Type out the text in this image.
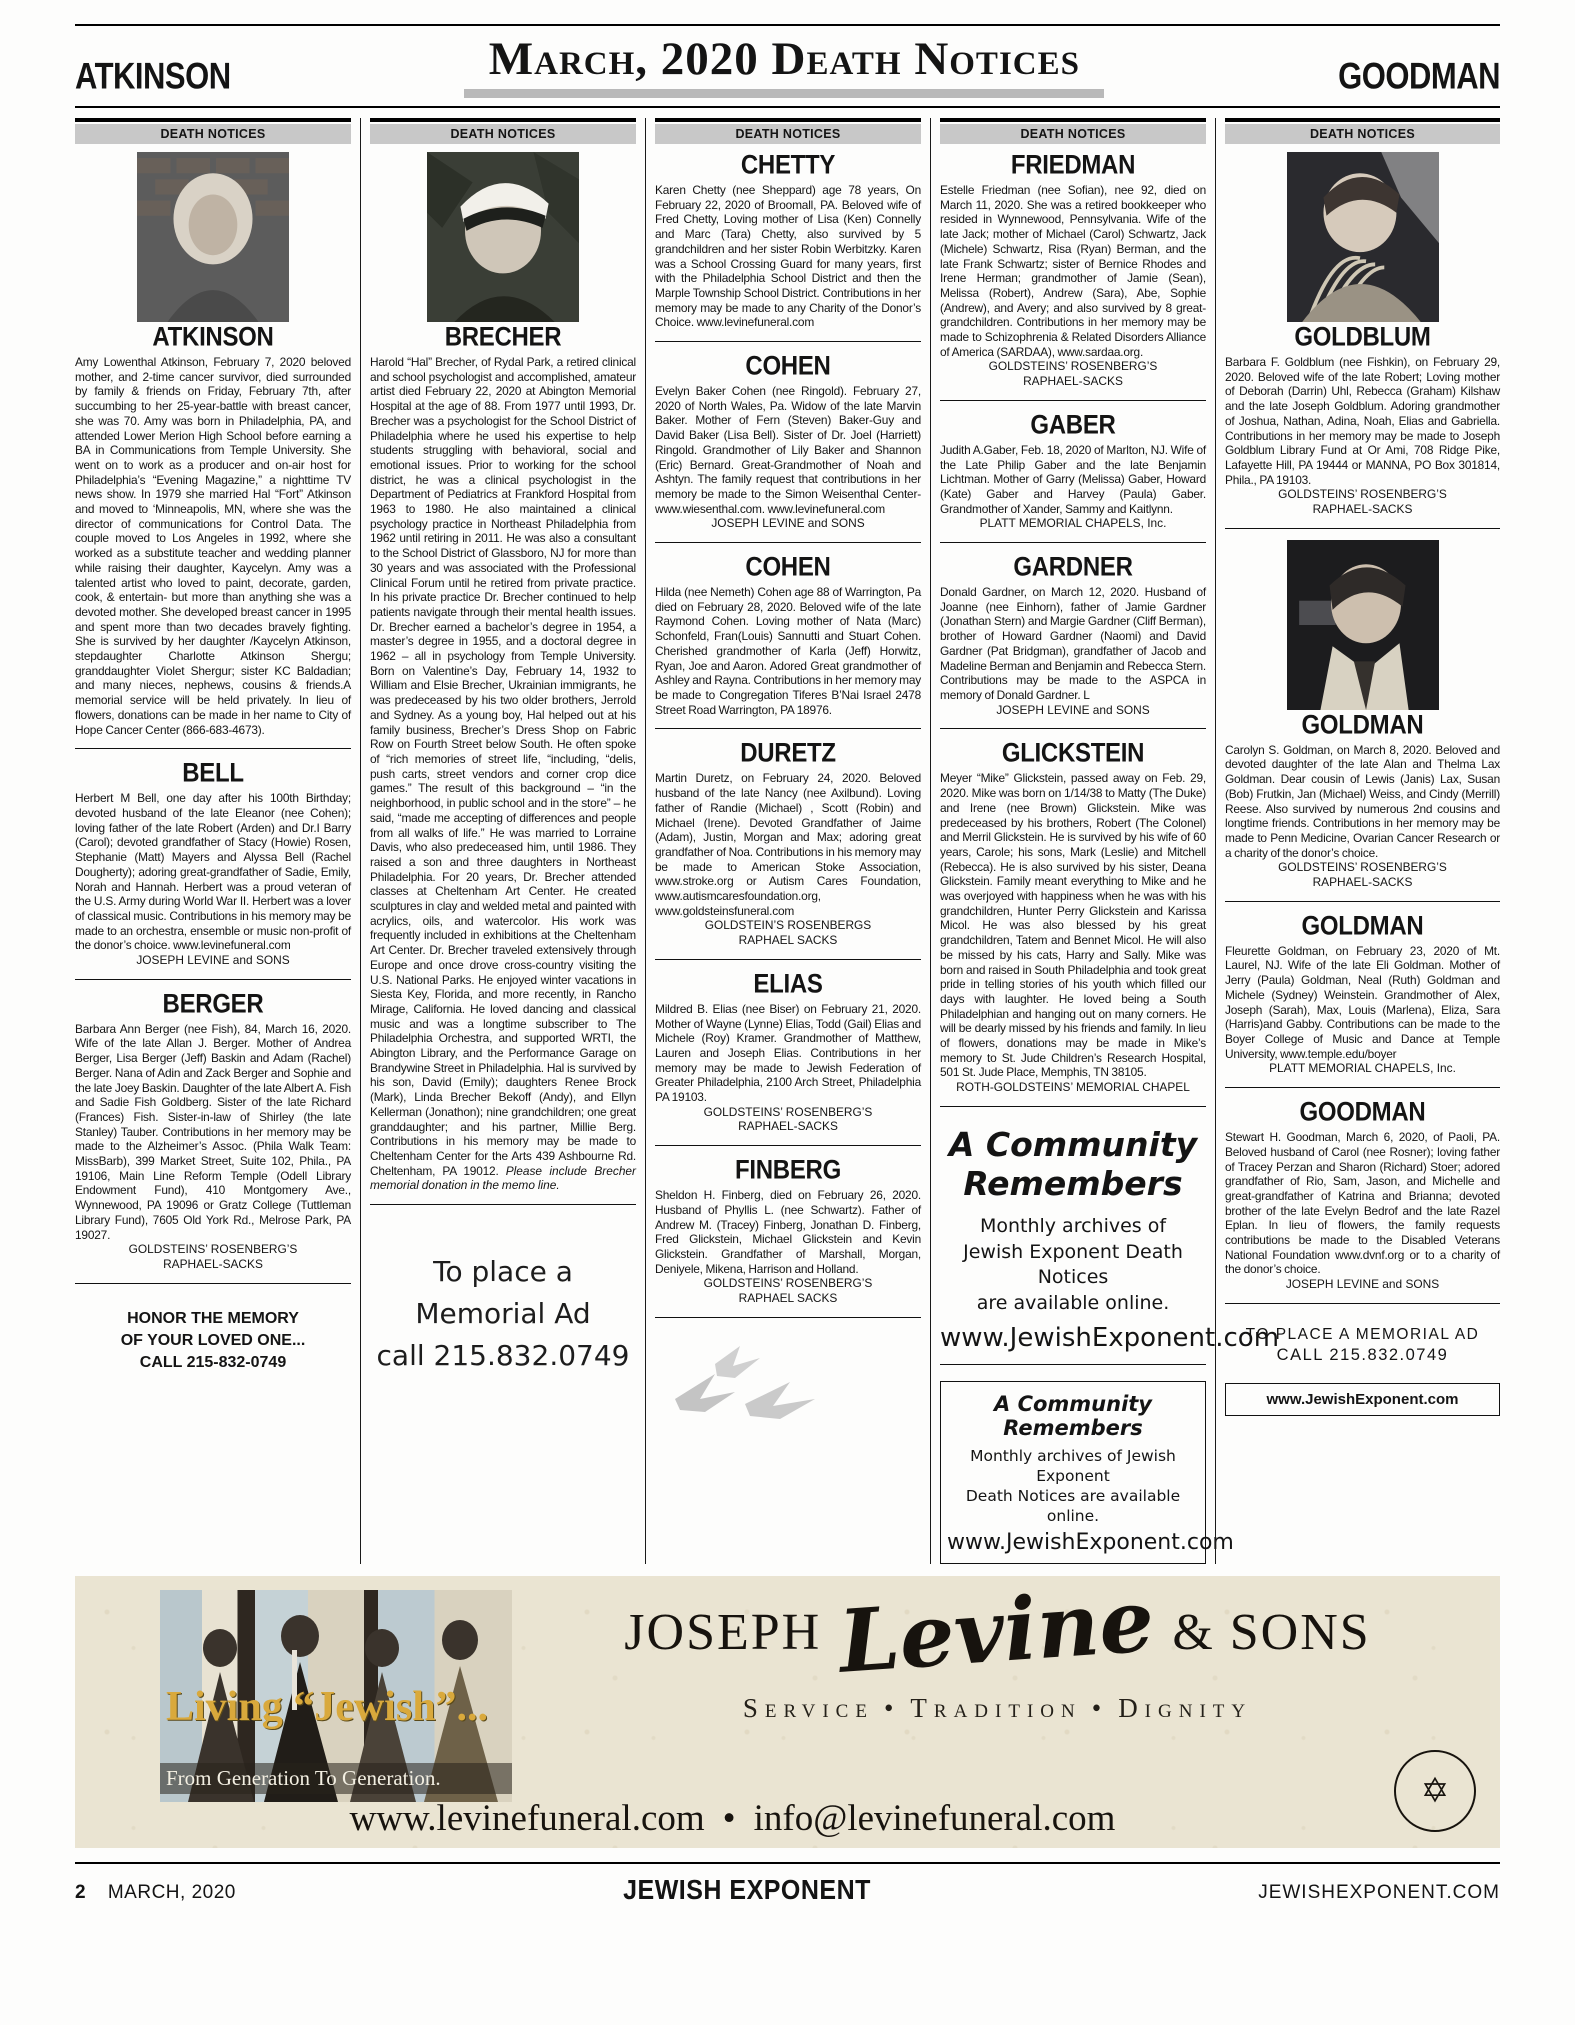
ATKINSON	March, 2020 Death Notices	GOODMAN
DEATH NOTICES
ATKINSON

Amy Lowenthal Atkinson, February 7, 2020 beloved mother, and 2-time cancer survivor, died surrounded by family & friends on Friday, February 7th, after succumbing to her 25-year-battle with breast cancer, she was 70. Amy was born in Philadelphia, PA, and attended Lower Merion High School before earning a BA in Communications from Temple University. She went on to work as a producer and on-air host for Philadelphia’s “Evening Magazine,” a nighttime TV news show. In 1979 she married Hal “Fort” Atkinson and moved to ‘Minneapolis, MN, where she was the director of communications for Control Data. The couple moved to Los Angeles in 1992, where she worked as a substitute teacher and wedding planner while raising their daughter, Kaycelyn. Amy was a talented artist who loved to paint, decorate, garden, cook, & entertain- but more than anything she was a devoted mother. She developed breast cancer in 1995 and spent more than two decades bravely fighting. She is survived by her daughter /Kaycelyn Atkinson, stepdaughter Charlotte Atkinson Shergu; granddaughter Violet Shergur; sister KC Baldadian; and many nieces, nephews, cousins & friends.A memorial service will be held privately. In lieu of flowers, donations can be made in her name to City of Hope Cancer Center (866-683-4673).

BELL

Herbert M Bell, one day after his 100th Birthday; devoted husband of the late Eleanor (nee Cohen); loving father of the late Robert (Arden) and Dr.I Barry (Carol); devoted grandfather of Stacy (Howie) Rosen, Stephanie (Matt) Mayers and Alyssa Bell (Rachel Dougherty); adoring great-grandfather of Sadie, Emily, Norah and Hannah. Herbert was a proud veteran of the U.S. Army during World War II. Herbert was a lover of classical music. Contributions in his memory may be made to an orchestra, ensemble or music non-profit of the donor’s choice. www.levinefuneral.com

JOSEPH LEVINE and SONS

BERGER

Barbara Ann Berger (nee Fish), 84, March 16, 2020. Wife of the late Allan J. Berger. Mother of Andrea Berger, Lisa Berger (Jeff) Baskin and Adam (Rachel) Berger. Nana of Adin and Zack Berger and Sophie and the late Joey Baskin. Daughter of the late Albert A. Fish and Sadie Fish Goldberg. Sister of the late Richard (Frances) Fish. Sister-in-law of Shirley (the late Stanley) Tauber. Contributions in her memory may be made to the Alzheimer’s Assoc. (Phila Walk Team: MissBarb), 399 Market Street, Suite 102, Phila., PA 19106, Main Line Reform Temple (Odell Library Endowment Fund), 410 Montgomery Ave., Wynnewood, PA 19096 or Gratz College (Tuttleman Library Fund), 7605 Old York Rd., Melrose Park, PA 19027.

GOLDSTEINS’ ROSENBERG’S

RAPHAEL-SACKS

HONOR THE MEMORY
OF YOUR LOVED ONE...
CALL 215-832-0749
DEATH NOTICES
BRECHER

Harold “Hal” Brecher, of Rydal Park, a retired clinical and school psychologist and accomplished, amateur artist died February 22, 2020 at Abington Memorial Hospital at the age of 88. From 1977 until 1993, Dr. Brecher was a psychologist for the School District of Philadelphia where he used his expertise to help students struggling with behavioral, social and emotional issues. Prior to working for the school district, he was a clinical psychologist in the Department of Pediatrics at Frankford Hospital from 1963 to 1980. He also maintained a clinical psychology practice in Northeast Philadelphia from 1962 until retiring in 2011. He was also a consultant to the School District of Glassboro, NJ for more than 30 years and was associated with the Professional Clinical Forum until he retired from private practice. In his private practice Dr. Brecher continued to help patients navigate through their mental health issues. Dr. Brecher earned a bachelor’s degree in 1954, a master’s degree in 1955, and a doctoral degree in 1962 – all in psychology from Temple University. Born on Valentine’s Day, February 14, 1932 to William and Elsie Brecher, Ukrainian immigrants, he was predeceased by his two older brothers, Jerrold and Sydney. As a young boy, Hal helped out at his family business, Brecher’s Dress Shop on Fabric Row on Fourth Street below South. He often spoke of “rich memories of street life, “including, “delis, push carts, street vendors and corner crop dice games.” The result of this background – “in the neighborhood, in public school and in the store” – he said, “made me accepting of differences and people from all walks of life.” He was married to Lorraine Davis, who also predeceased him, until 1986. They raised a son and three daughters in Northeast Philadelphia. For 20 years, Dr. Brecher attended classes at Cheltenham Art Center. He created sculptures in clay and welded metal and painted with acrylics, oils, and watercolor. His work was frequently included in exhibitions at the Cheltenham Art Center. Dr. Brecher traveled extensively through Europe and once drove cross-country visiting the U.S. National Parks. He enjoyed winter vacations in Siesta Key, Florida, and more recently, in Rancho Mirage, California. He loved dancing and classical music and was a longtime subscriber to The Philadelphia Orchestra, and supported WRTI, the Abington Library, and the Performance Garage on Brandywine Street in Philadelphia. Hal is survived by his son, David (Emily); daughters Renee Brock (Mark), Linda Brecher Bekoff (Andy), and Ellyn Kellerman (Jonathon); nine grandchildren; one great granddaughter; and his partner, Millie Berg. Contributions in his memory may be made to Cheltenham Center for the Arts 439 Ashbourne Rd. Cheltenham, PA 19012. Please include Brecher memorial donation in the memo line.

To place a Memorial Ad
call 215.832.0749
DEATH NOTICES
CHETTY

Karen Chetty (nee Sheppard) age 78 years, On February 22, 2020 of Broomall, PA. Beloved wife of Fred Chetty, Loving mother of Lisa (Ken) Connelly and Marc (Tara) Chetty, also survived by 5 grandchildren and her sister Robin Werbitzky. Karen was a School Crossing Guard for many years, first with the Philadelphia School District and then the Marple Township School District. Contributions in her memory may be made to any Charity of the Donor’s Choice. www.levinefuneral.com

COHEN

Evelyn Baker Cohen (nee Ringold). February 27, 2020 of North Wales, Pa. Widow of the late Marvin Baker. Mother of Fern (Steven) Baker-Guy and David Baker (Lisa Bell). Sister of Dr. Joel (Harriett) Ringold. Grandmother of Lily Baker and Shannon (Eric) Bernard. Great-Grandmother of Noah and Ashtyn. The family request that contributions in her memory be made to the Simon Weisenthal Center-www.wiesenthal.com. www.levinefuneral.com

JOSEPH LEVINE and SONS

COHEN

Hilda (nee Nemeth) Cohen age 88 of Warrington, Pa died on February 28, 2020. Beloved wife of the late Raymond Cohen. Loving mother of Nata (Marc) Schonfeld, Fran(Louis) Sannutti and Stuart Cohen. Cherished grandmother of Karla (Jeff) Horwitz, Ryan, Joe and Aaron. Adored Great grandmother of Ashley and Rayna. Contributions in her memory may be made to Congregation Tiferes B’Nai Israel 2478 Street Road Warrington, PA 18976.

DURETZ

Martin Duretz, on February 24, 2020. Beloved husband of the late Nancy (nee Axilbund). Loving father of Randie (Michael) , Scott (Robin) and Michael (Irene). Devoted Grandfather of Jaime (Adam), Justin, Morgan and Max; adoring great grandfather of Noa. Contributions in his memory may be made to American Stoke Association, www.stroke.org or Autism Cares Foundation, www.autismcaresfoundation.org, www.goldsteinsfuneral.com

GOLDSTEIN’S ROSENBERGS

RAPHAEL SACKS

ELIAS

Mildred B. Elias (nee Biser) on February 21, 2020. Mother of Wayne (Lynne) Elias, Todd (Gail) Elias and Michele (Roy) Kramer. Grandmother of Matthew, Lauren and Joseph Elias. Contributions in her memory may be made to Jewish Federation of Greater Philadelphia, 2100 Arch Street, Philadelphia PA 19103.

GOLDSTEINS’ ROSENBERG’S

RAPHAEL-SACKS

FINBERG

Sheldon H. Finberg, died on February 26, 2020. Husband of Phyllis L. (nee Schwartz). Father of Andrew M. (Tracey) Finberg, Jonathan D. Finberg, Fred Glickstein, Michael Glickstein and Kevin Glickstein. Grandfather of Marshall, Morgan, Deniyele, Mikena, Harrison and Holland.

GOLDSTEINS’ ROSENBERG’S

RAPHAEL SACKS

DEATH NOTICES
FRIEDMAN

Estelle Friedman (nee Sofian), nee 92, died on March 11, 2020. She was a retired bookkeeper who resided in Wynnewood, Pennsylvania. Wife of the late Jack; mother of Michael (Carol) Schwartz, Jack (Michele) Schwartz, Risa (Ryan) Berman, and the late Frank Schwartz; sister of Bernice Rhodes and Irene Herman; grandmother of Jamie (Sean), Melissa (Robert), Andrew (Sara), Abe, Sophie (Andrew), and Avery; and also survived by 8 great-grandchildren. Contributions in her memory may be made to Schizophrenia & Related Disorders Alliance of America (SARDAA), www.sardaa.org.

GOLDSTEINS’ ROSENBERG’S

RAPHAEL-SACKS

GABER

Judith A.Gaber, Feb. 18, 2020 of Marlton, NJ. Wife of the Late Philip Gaber and the late Benjamin Lichtman. Mother of Garry (Melissa) Gaber, Howard (Kate) Gaber and Harvey (Paula) Gaber. Grandmother of Xander, Sammy and Kaitlynn.

PLATT MEMORIAL CHAPELS, Inc.

GARDNER

Donald Gardner, on March 12, 2020. Husband of Joanne (nee Einhorn), father of Jamie Gardner (Jonathan Stern) and Margie Gardner (Cliff Berman), brother of Howard Gardner (Naomi) and David Gardner (Pat Bridgman), grandfather of Jacob and Madeline Berman and Benjamin and Rebecca Stern. Contributions may be made to the ASPCA in memory of Donald Gardner. L

JOSEPH LEVINE and SONS

GLICKSTEIN

Meyer “Mike” Glickstein, passed away on Feb. 29, 2020. Mike was born on 1/14/38 to Matty (The Duke) and Irene (nee Brown) Glickstein. Mike was predeceased by his brothers, Robert (The Colonel) and Merril Glickstein. He is survived by his wife of 60 years, Carole; his sons, Mark (Leslie) and Mitchell (Rebecca). He is also survived by his sister, Deana Glickstein. Family meant everything to Mike and he was overjoyed with happiness when he was with his grandchildren, Hunter Perry Glickstein and Karissa Micol. He was also blessed by his great grandchildren, Tatem and Bennet Micol. He will also be missed by his cats, Harry and Sally. Mike was born and raised in South Philadelphia and took great pride in telling stories of his youth which filled our days with laughter. He loved being a South Philadelphian and hanging out on many corners. He will be dearly missed by his friends and family. In lieu of flowers, donations may be made in Mike’s memory to St. Jude Children’s Research Hospital, 501 St. Jude Place, Memphis, TN 38105.

ROTH-GOLDSTEINS’ MEMORIAL CHAPEL

A Community

Remembers

Monthly archives of
Jewish Exponent Death Notices
are available online.

www.JewishExponent.com

A Community Remembers

Monthly archives of Jewish Exponent
Death Notices are available online.

www.JewishExponent.com

DEATH NOTICES
GOLDBLUM

Barbara F. Goldblum (nee Fishkin), on February 29, 2020. Beloved wife of the late Robert; Loving mother of Deborah (Darrin) Uhl, Rebecca (Graham) Kilshaw and the late Joseph Goldblum. Adoring grandmother of Joshua, Nathan, Adina, Noah, Elias and Gabriella. Contributions in her memory may be made to Joseph Goldblum Library Fund at Or Ami, 708 Ridge Pike, Lafayette Hill, PA 19444 or MANNA, PO Box 301814, Phila., PA 19103.

GOLDSTEINS’ ROSENBERG’S

RAPHAEL-SACKS

GOLDMAN

Carolyn S. Goldman, on March 8, 2020. Beloved and devoted daughter of the late Alan and Thelma Lax Goldman. Dear cousin of Lewis (Janis) Lax, Susan (Bob) Frutkin, Jan (Michael) Weiss, and Cindy (Merrill) Reese. Also survived by numerous 2nd cousins and longtime friends. Contributions in her memory may be made to Penn Medicine, Ovarian Cancer Research or a charity of the donor’s choice.

GOLDSTEINS’ ROSENBERG’S

RAPHAEL-SACKS

GOLDMAN

Fleurette Goldman, on February 23, 2020 of Mt. Laurel, NJ. Wife of the late Eli Goldman. Mother of Jerry (Paula) Goldman, Neal (Ruth) Goldman and Michele (Sydney) Weinstein. Grandmother of Alex, Joseph (Sarah), Max, Louis (Marlena), Eliza, Sara (Harris)and Gabby. Contributions can be made to the Boyer College of Music and Dance at Temple University, www.temple.edu/boyer

PLATT MEMORIAL CHAPELS, Inc.

GOODMAN

Stewart H. Goodman, March 6, 2020, of Paoli, PA. Beloved husband of Carol (nee Rosner); loving father of Tracey Perzan and Sharon (Richard) Stoer; adored grandfather of Rio, Sam, Jason, and Michelle and great-grandfather of Katrina and Brianna; devoted brother of the late Evelyn Bedrof and the late Razel Eplan. In lieu of flowers, the family requests contributions be made to the Disabled Veterans National Foundation www.dvnf.org or to a charity of the donor’s choice.

JOSEPH LEVINE and SONS

TO PLACE A MEMORIAL AD

CALL 215.832.0749

www.JewishExponent.com
Living “Jewish”...
From Generation To Generation.
JOSEPH Levine & SONS
Service • Tradition • Dignity
www.levinefuneral.com • info@levinefuneral.com
✡
2 MARCH, 2020	JEWISH EXPONENT	JEWISHEXPONENT.COM
